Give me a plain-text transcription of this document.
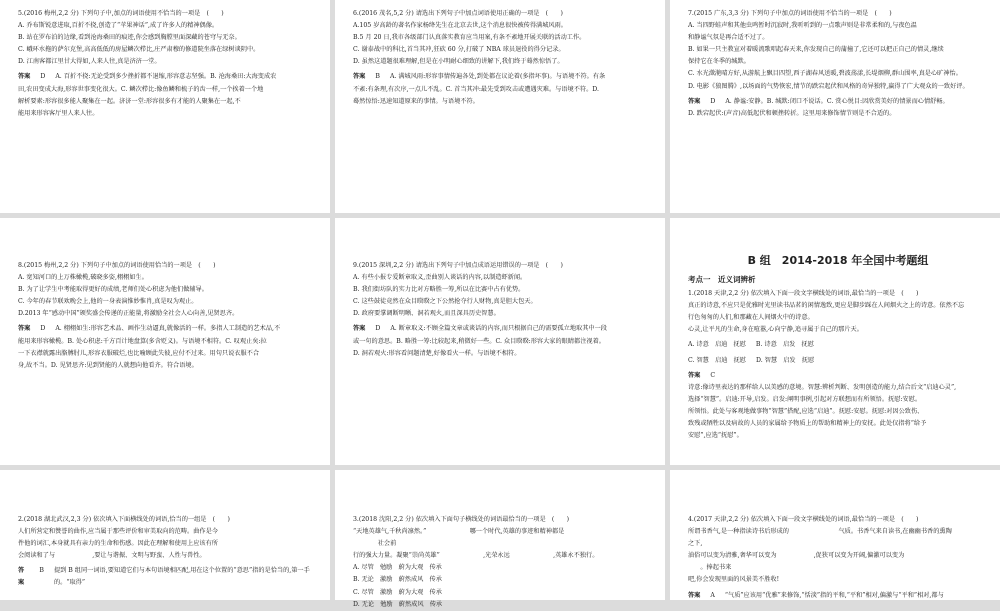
5.(2016 梅州,2,2 分) 下列句子中,加点的词语使用不恰当的一项是　(　　)

A. 乔布斯锐意进取,百折不挠,创造了“苹果神话”,成了许多人的精神偶像。

B. 站在罗布泊的边缘,看到沧海桑田的痕迹,你会感到胸膛里面深藏的苍穹与无奈。

C. 峨环水拖的萨尔克堡,高高低低的房屋鳞次栉比,庄严肃穆的修道院坐落在绿树谈阴中。

D. 江南客都江里甘大得如,人来人往,真是济济一堂。

答案 D A. 百折不挠:无论受到多少挫折都不退缩,形容意志坚强。B. 沧海桑田:大海变成农

田,农田变成大海,形容世事变化很大。C. 鳞次栉比:像鱼鳞和梳子的齿一样,一个挨着一个地

解析要素:形容很多能人聚集在一起。济济一堂:形容很多有才能的人聚集在一起,不

能用来形容客厅里人来人往。

6.(2016 茂名,5,2 分) 请选出下列句子中加点词语使用正确的一项是　(　　)

A.105 岁高龄的著名作家杨绛先生在北京去世,这个消息很快被传得满城风雨。

B.5 月 20 日,我市各级部门认真落实教育应当用案,有条不紊地开展关联的活动工作。

C. 谢泰战中的科比,首当其冲,狂砍 60 分,打破了 NBA 球员退役的得分记录。

D. 虽然这道题很难理解,但是在小明耐心细致的讲解下,我们终于蓦然惊悟了。

答案 B A. 满城风雨:形容事情传遍各处,到处都在议论着(多指坏事)。与语境不符。有条

不紊:有条理,有次序,一点儿不乱。C. 首当其冲:最先受到攻击或遭遇灾难。与语境不符。D.

蓦然惊悟:迅速知道原来的事情。与语境不符。

7.(2015 广东,3,3 分) 下列句子中加点的词语使用不恰当的一项是　(　　)

A. 当四野蛙声和其他虫鸣暂时沉寂时,我听听到的一点歌声则是非常柔和的,与夜色温

和静谧气氛是再合适不过了。

B. 如果一只主教宣对着暖流歌唱起春天来,你发现自己的蒲撞了,它还可以把正自己的情灵,继续

保持它在冬季的缄默。

C. 水光潋滟晴方好,从游航上飘目四望,西子湖春风送暖,碧波荡漾,长堤烟柳,群山围率,真是心旷神怡。

D. 电影《狼图腾》,以场面的气势恢宏,情节的跌宕起伏和风格的奇异独特,赢得了广大观众的一致好评。

答案 D A. 静谧:安静。B. 缄默:闭口不说话。C. 赏心悦目:因欣赏美好的情景而心情舒畅。

D. 跌宕起伏:(声音)高低起伏和顿挫转折。这里用来修饰情节则是不合适的。

8.(2015 梅州,2,2 分) 下列句子中加点的词语使用恰当的一项是　(　　)

A. 宽知河口的上万株橄榄,破晓多姿,栩栩如生。

B. 为了让学生中考能取得更好的成绩,老师们处心积虑为他们做辅导。

C. 今年的春节联欢晚会上,他的一身表演惟妙惟肖,真是叹为观止。

D.2013 年“感动中国”颁奖盛会传递的正能量,将激励全社会人心向善,见贤思齐。

答案 D A. 栩栩如生:形容艺术品、画作生动逼真,就像活的一样。多指人工制造的艺术品,不

能用来形容橄榄。B. 处心积虑:千方百计地盘算(多含贬义)。与语境不相符。C. 叹观止矣:拉

一下衣襟就露出胳膊肘儿,形容衣服破烂,也比喻顾此失彼,应付不过来。用句只说衣服不合

身,故不当。D. 见贤思齐:见到贤能的人就想向他看齐。符合语境。

9.(2015 深圳,2,2 分) 请选出下列句子中加点成语运用错误的一项是　(　　)

A. 有些小报专爱断章取义,歪曲别人谈话的内容,以制造虾新闻。

B. 我们街坊队的实力比对方略胜一筹,所以在比赛中占有优势。

C. 这些鼓徒竟然在众目睽睽之下公然抢夺行人财物,真是胆大包天。

D. 政府要掌调断明晰、洞若观火,而且深具历史智慧。

答案 D A. 断章取义:不顾全篇文章或谈话的内容,而只根据自己的需要孤立地取其中一段

或一句的意思。B. 略胜一筹:比较起来,稍微好一些。C. 众目睽睽:形容大家的眼睛都注视着。

D. 洞若观火:形容看问题清楚,好像看火一样。与语境不相符。

B 组　2014-2018 年全国中考题组
考点一　近义词辨析

1.(2018 天津,2,2 分) 依次填入下面一段文字横线处的词语,最恰当的一项是　(　　)

真正的诗意,不应只是优雅时光里读书品茗的闲情逸致,更应是脚步踩在人间烟火之上的诗意。依然不忘

行色匆匆的人们,和那藏在人间烟火中的诗意。

心灵,让平凡的生命,身在喧嚣,心向宁静,追寻属于自己的那片天。

A. 诗意　启迪　抚慰 B. 诗意　启发　抚慰
C. 智慧　启迪　抚慰 D. 智慧　启发　抚慰
答案 C

诗意:像诗里表达的那样给人以美感的意境。智慧:辨析判断、发明创造的能力,结合后文“启迪心灵”,

选择“智慧”。启迪:开导,启发。启发:阐明事例,引起对方联想而有所领悟。抚慰:安慰。

所领悟。此处与客观地做事物“智慧”搭配,应选“启迪”。抚慰:安慰。抚慰:对因公致伤、

致残或牺牲以及病故的人员的家属给予物质上的帮助和精神上的安抚。此处仅指将“给予

安慰”,应选“抚慰”。

2.(2018 湖北武汉,2,3 分) 依次填入下面横线处的词语,恰当的一组是　(　　)

人们所营定和赞誉的曲作,应当属于那些评价和审美取向的范畴。曲作是今

件他的词汇,本身就具有亲力的生命和伤感。因此在理解和使用上应该有所

会阅读和了与　　　　　　,要让与谐振、文明与野蛮、人性与兽性。

答案
B 提到 B 组同一词语,要知道它们与本句语境相匹配,用在这个位置的“意思”指的是恰当的,第一手的。“取得”

3.(2018 沈阳,2,2 分) 依次填入下面句子横线处的词语最恰当的一项是　(　　)

“天地英雄气,千秋尚凛然。”　　　　　　　哪一个时代,英雄的事迹和精神都是　　　　　　

　　　　社会前

行的强大力量。凝聚“崇尚英雄”　　　　　　　,光荣永远　　　　　　　,英雄永不独行。

A. 尽管　勉励　蔚为大观　传承

B. 无论　激励　蔚然成风　传承

C. 尽管　激励　蔚为大观　传承

D. 无论　勉励　蔚然成风　传承

4.(2017 天津,2,2 分) 依次填入下面一段文字横线处的词语,最恰当的一项是　(　　)

所谓书香气,是一种指读诗书后形成的　　　　　　　　气质。书香气来自读书,在幽幽书香的熏陶

之下,

油俗可以变为清雅,奢华可以变为　　　　　　,促狭可以变为开阔,偏激可以变为　　　　　　

　　。捧起书来

吧,你会发现里面的风景美不胜收!

答案 A “气质”应该用“优雅”来修饰,“恬淡”指的平和,“平和”相对,偏激与“平和”相对,都与
